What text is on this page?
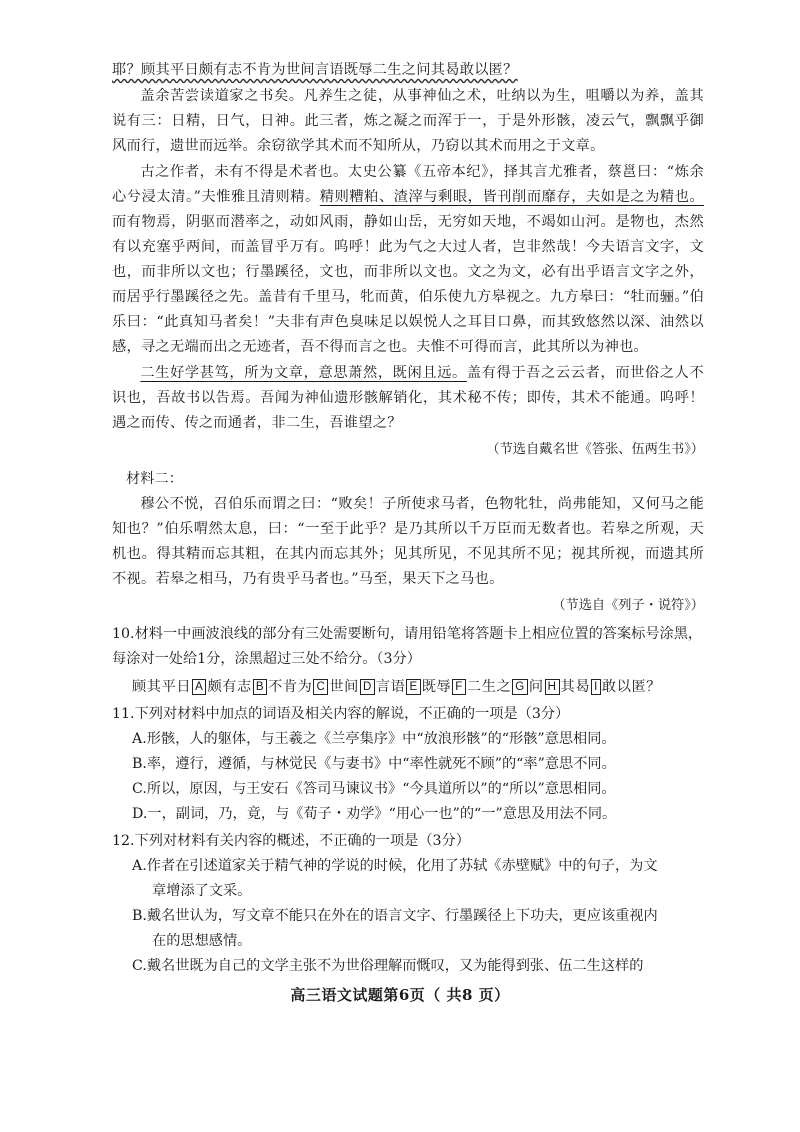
耶？顾其平日颇有志不肯为世间言语既辱二生之问其曷敢以匿？

盖余苦尝读道家之书矣。凡养生之徒，从事神仙之术，吐纳以为生，咀嚼以为养，盖其说有三：日精，日气，日神。此三者，炼之凝之而浑于一，于是外形骸，凌云气，飘飘乎御风而行，遗世而远举。余窃欲学其术而不知所从，乃窃以其术而用之于文章。

古之作者，未有不得是术者也。太史公纂《五帝本纪》，择其言尤雅者，蔡邕曰：“炼余心兮浸太清。”夫惟雅且清则精。精则糟粕、渣滓与剩眼，皆刊削而靡存，夫如是之为精也。而有物焉，阴驱而潜率之，动如风雨，静如山岳，无穷如天地，不竭如山河。是物也，杰然有以充塞乎两间，而盖冒乎万有。呜呼！此为气之大过人者，岂非然哉！今夫语言文字，文也，而非所以文也；行墨蹊径，文也，而非所以文也。文之为文，必有出乎语言文字之外，而居乎行墨蹊径之先。盖昔有千里马，牝而黄，伯乐使九方皋视之。九方皋曰：“牡而骊。”伯乐曰：“此真知马者矣！”夫非有声色臭味足以娱悦人之耳目口鼻，而其致悠然以深、油然以感，寻之无端而出之无迹者，吾不得而言之也。夫惟不可得而言，此其所以为神也。

二生好学甚笃，所为文章，意思萧然，既闲且远。盖有得于吾之云云者，而世俗之人不识也，吾故书以告焉。吾闻为神仙遗形骸解销化，其术秘不传；即传，其术不能通。呜呼！遇之而传、传之而通者，非二生，吾谁望之？

（节选自戴名世《答张、伍两生书》）

材料二：

穆公不悦，召伯乐而谓之曰：“败矣！子所使求马者，色物牝牡，尚弗能知，又何马之能知也？”伯乐喟然太息，曰：“一至于此乎？是乃其所以千万臣而无数者也。若皋之所观，天机也。得其精而忘其粗，在其内而忘其外；见其所见，不见其所不见；视其所视，而遗其所不视。若皋之相马，乃有贵乎马者也。”马至，果天下之马也。

（节选自《列子・说符》）

10.材料一中画波浪线的部分有三处需要断句，请用铅笔将答题卡上相应位置的答案标号涂黑，每涂对一处给1分，涂黑超过三处不给分。（3分）

顾其平日 A 颇有志 B 不肯为 C 世间 D 言语 E 既辱 F 二生之 G 问 H 其曷 I 敢以匿？

11.下列对材料中加点的词语及相关内容的解说，不正确的一项是（3分）

A.形骸，人的躯体，与王羲之《兰亭集序》中“放浪形骸”的“形骸”意思相同。

B.率，遵行，遵循，与林觉民《与妻书》中“率性就死不顾”的“率”意思不同。

C.所以，原因，与王安石《答司马谏议书》“今具道所以”的“所以”意思相同。

D.一，副词，乃，竟，与《荀子・劝学》“用心一也”的“一”意思及用法不同。

12.下列对材料有关内容的概述，不正确的一项是（3分）

A.作者在引述道家关于精气神的学说的时候，化用了苏轼《赤壁赋》中的句子，为文

章增添了文采。

B.戴名世认为，写文章不能只在外在的语言文字、行墨蹊径上下功夫，更应该重视内

在的思想感情。

C.戴名世既为自己的文学主张不为世俗理解而慨叹，又为能得到张、伍二生这样的

高三语文试题第6页（ 共8 页）
